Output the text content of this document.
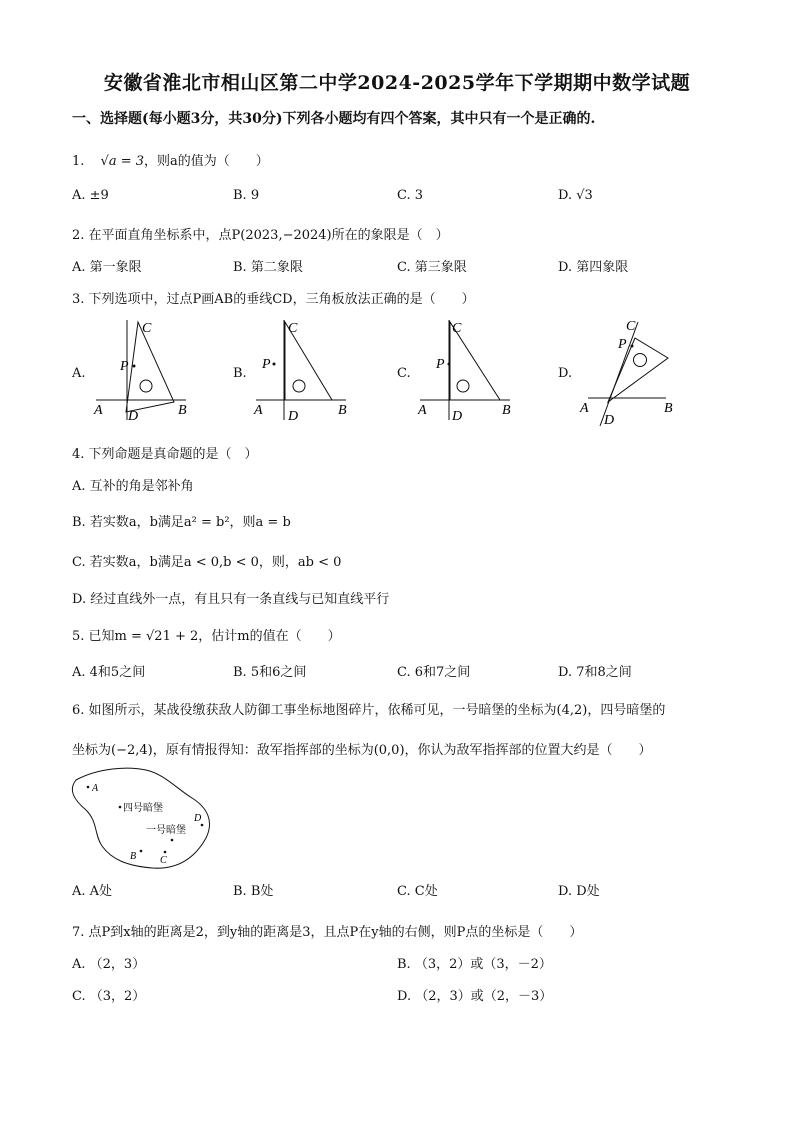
安徽省淮北市相山区第二中学2024-2025学年下学期期中数学试题
一、选择题(每小题3分，共30分)下列各小题均有四个答案，其中只有一个是正确的.
1. √a = 3，则a的值为（　　）
A. ±9	B. 9	C. 3	D. √3
2. 在平面直角坐标系中，点P(2023,−2024)所在的象限是（　）
A. 第一象限	B. 第二象限	C. 第三象限	D. 第四象限
3. 下列选项中，过点P画AB的垂线CD，三角板放法正确的是（　　）
A.	B.	C.	D.
C
P
A D	B
C
P
A D	B
C
P
A D	B
C
P
A
D
B
4. 下列命题是真命题的是（　）
A. 互补的角是邻补角
B. 若实数a，b满足a² = b²，则a = b
C. 若实数a，b满足a < 0,b < 0，则，ab < 0
D. 经过直线外一点，有且只有一条直线与已知直线平行
5. 已知m = √21 + 2，估计m的值在（　　）
A. 4和5之间	B. 5和6之间	C. 6和7之间	D. 7和8之间
6. 如图所示，某战役缴获敌人防御工事坐标地图碎片，依稀可见，一号暗堡的坐标为(4,2)，四号暗堡的
坐标为(−2,4)，原有情报得知：敌军指挥部的坐标为(0,0)，你认为敌军指挥部的位置大约是（　　）
A
四号暗堡
一号暗堡
D
B C
A. A处	B. B处	C. C处	D. D处
7. 点P到x轴的距离是2，到y轴的距离是3，且点P在y轴的右侧，则P点的坐标是（　　）
A. （2，3）	B. （3，2）或（3，－2）
C. （3，2）	D. （2，3）或（2，－3）
